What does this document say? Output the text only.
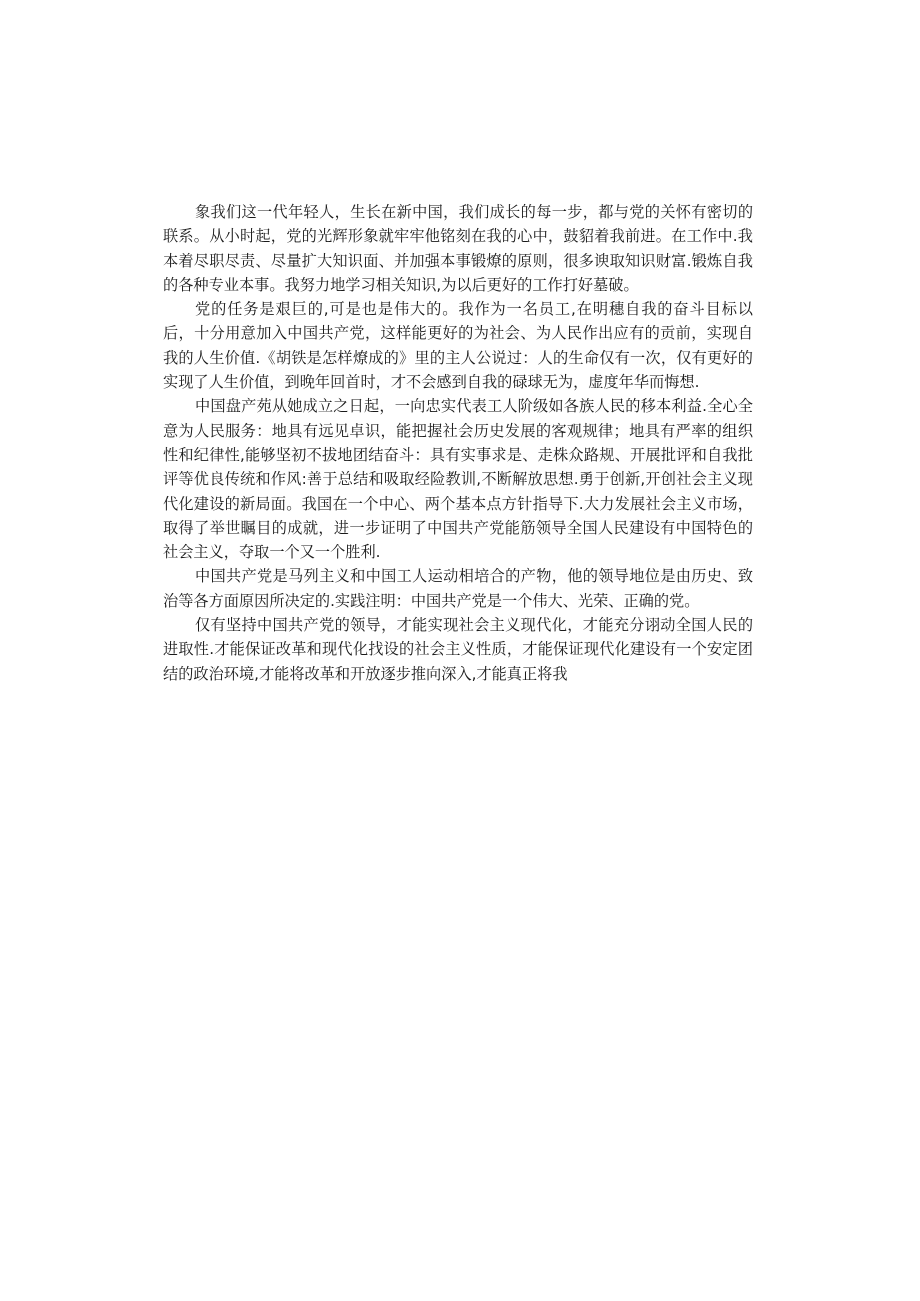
象我们这一代年轻人，生长在新中国，我们成长的每一步，都与党的关怀有密切的
联系。从小时起，党的光辉形象就牢牢他铭刻在我的心中，鼓貂着我前进。在工作中.我
本着尽职尽责、尽量扩大知识面、并加强本事锻燎的原则，很多谀取知识财富.锻炼自我
的各种专业本事。我努力地学习相关知识,为以后更好的工作打好墓破。
党的任务是艰巨的,可是也是伟大的。我作为一名员工,在明穗自我的奋斗目标以
后，十分用意加入中国共产党，这样能更好的为社会、为人民作出应有的贡前，实现自
我的人生价值.《胡铁是怎样燎成的》里的主人公说过：人的生命仅有一次，仅有更好的
实现了人生价值，到晚年回首时，才不会感到自我的碌球无为，虚度年华而悔想.
中国盘产苑从她成立之日起，一向忠实代表工人阶级如各族人民的移本利益.全心全
意为人民服务：地具有远见卓识，能把握社会历史发展的客观规律；地具有严率的组织
性和纪律性,能够坚初不拔地团结奋斗：具有实事求是、走株众路规、开展批评和自我批
评等优良传统和作风:善于总结和吸取经险教训,不断解放思想.勇于创新,开创社会主义现
代化建设的新局面。我国在一个中心、两个基本点方针指导下.大力发展社会主义市场，
取得了举世瞩目的成就，进一步证明了中国共产党能筋领导全国人民建设有中国特色的
社会主义，夺取一个又一个胜利.
中国共产党是马列主义和中国工人运动相培合的产物，他的领导地位是由历史、致
治等各方面原因所决定的.实践注明：中国共产党是一个伟大、光荣、正确的党。
仅有坚持中国共产党的领导，才能实现社会主义现代化，才能充分诩动全国人民的
进取性.才能保证改革和现代化找设的社会主义性质，才能保证现代化建设有一个安定团
结的政治环境,才能将改革和开放逐步推向深入,才能真正将我
